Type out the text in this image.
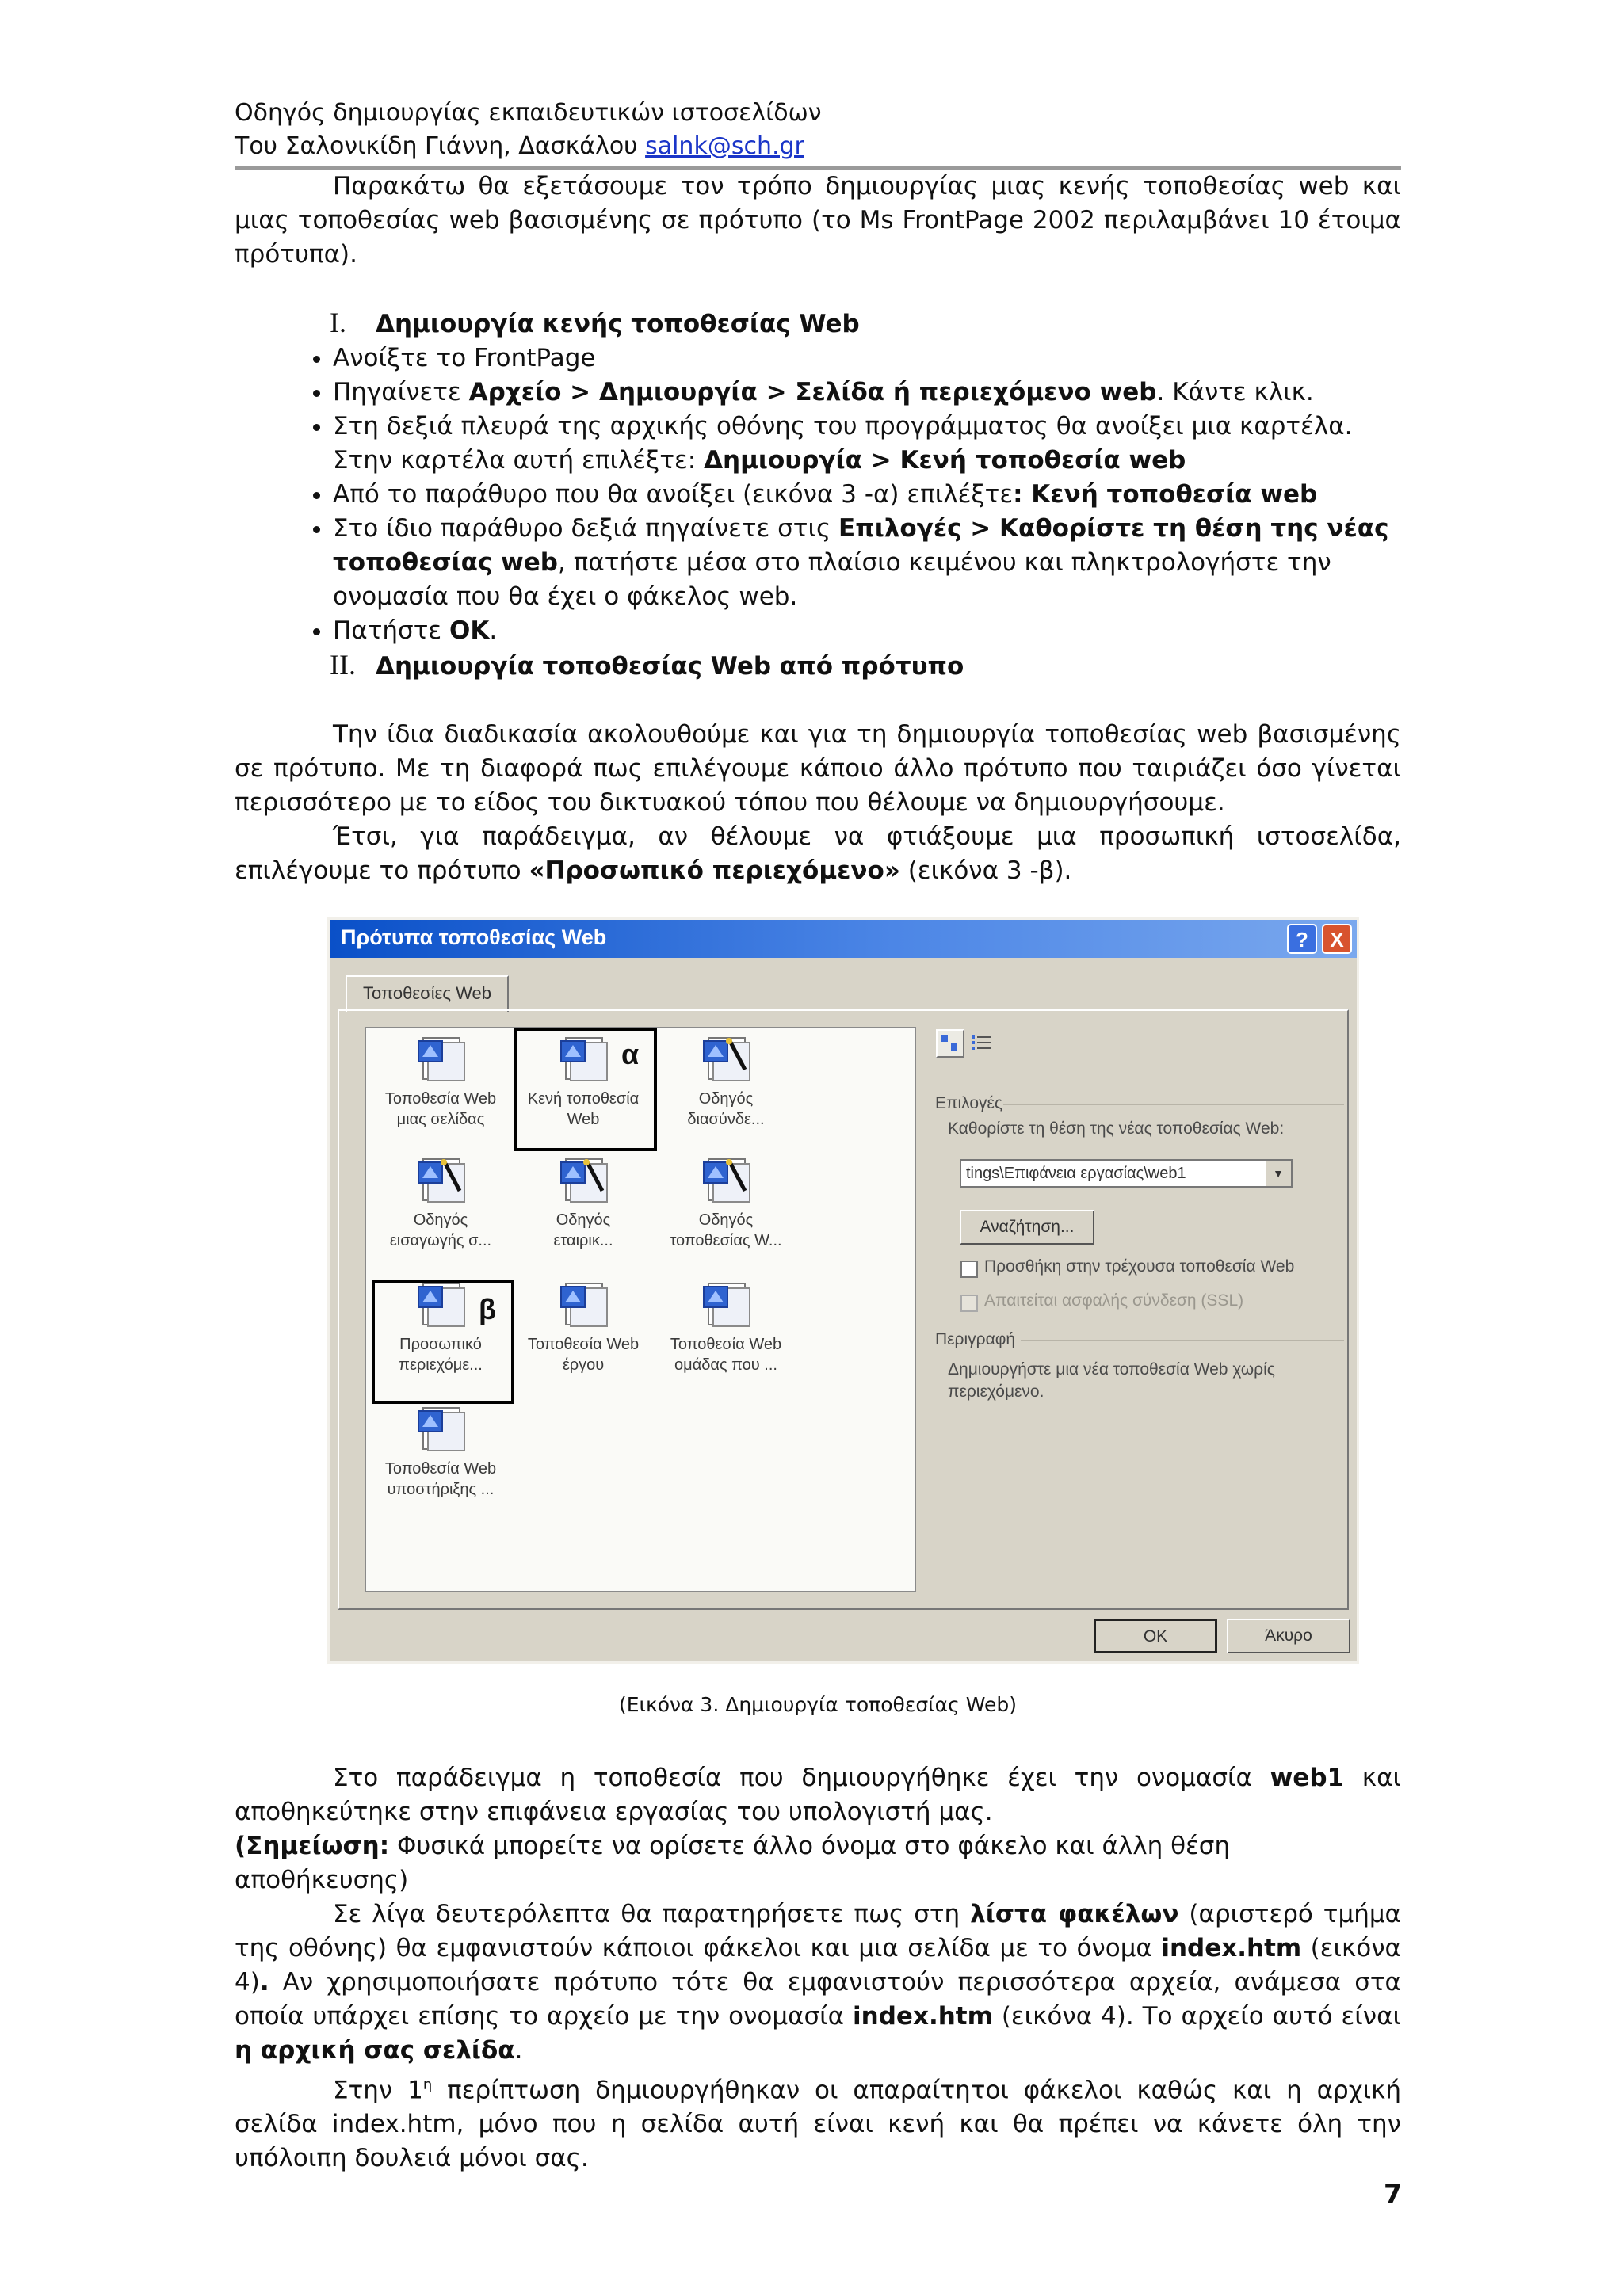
Οδηγός δημιουργίας εκπαιδευτικών ιστοσελίδων
Του Σαλονικίδη Γιάννη, Δασκάλου salnk@sch.gr

Παρακάτω θα εξετάσουμε τον τρόπο δημιουργίας μιας κενής τοποθεσίας web και μιας τοποθεσίας web βασισμένης σε πρότυπο (το Ms FrontPage 2002 περιλαμβάνει 10 έτοιμα πρότυπα).

I.	Δημιουργία κενής τοποθεσίας Web
• Ανοίξτε το FrontPage
• Πηγαίνετε Αρχείο > Δημιουργία > Σελίδα ή περιεχόμενο web. Κάντε κλικ.
• Στη δεξιά πλευρά της αρχικής οθόνης του προγράμματος θα ανοίξει μια καρτέλα. Στην καρτέλα αυτή επιλέξτε: Δημιουργία > Κενή τοποθεσία web
• Από το παράθυρο που θα ανοίξει (εικόνα 3 -α) επιλέξτε: Κενή τοποθεσία web
• Στο ίδιο παράθυρο δεξιά πηγαίνετε στις Επιλογές > Καθορίστε τη θέση της νέας τοποθεσίας web, πατήστε μέσα στο πλαίσιο κειμένου και πληκτρολογήστε την ονομασία που θα έχει ο φάκελος web.
• Πατήστε OK.
II. Δημιουργία τοποθεσίας Web από πρότυπο

Την ίδια διαδικασία ακολουθούμε και για τη δημιουργία τοποθεσίας web βασισμένης σε πρότυπο. Με τη διαφορά πως επιλέγουμε κάποιο άλλο πρότυπο που ταιριάζει όσο γίνεται περισσότερο με το είδος του δικτυακού τόπου που θέλουμε να δημιουργήσουμε.

Έτσι, για παράδειγμα, αν θέλουμε να φτιάξουμε μια προσωπική ιστοσελίδα, επιλέγουμε το πρότυπο «Προσωπικό περιεχόμενο» (εικόνα 3 -β).

Πρότυπα τοποθεσίας Web	?	X
Τοποθεσίες Web
Τοποθεσία Web
μιας σελίδας
Κενή τοποθεσία
Web
Οδηγός
διασύνδε...
Οδηγός
εισαγωγής σ...
Οδηγός
εταιρικ...
Οδηγός
τοποθεσίας W...
Προσωπικό
περιεχόμε...
Τοποθεσία Web
έργου
Τοποθεσία Web
ομάδας που ...
Τοποθεσία Web
υποστήριξης ...
α
β
Επιλογές
Καθορίστε τη θέση της νέας τοποθεσίας Web:
tings\Επιφάνεια εργασίας\web1	▼
Αναζήτηση...
Προσθήκη στην τρέχουσα τοποθεσία Web
Απαιτείται ασφαλής σύνδεση (SSL)
Περιγραφή
Δημιουργήστε μια νέα τοποθεσία Web χωρίς
περιεχόμενο.
OK	Άκυρο
(Εικόνα 3. Δημιουργία τοποθεσίας Web)

Στο παράδειγμα η τοποθεσία που δημιουργήθηκε έχει την ονομασία web1 και αποθηκεύτηκε στην επιφάνεια εργασίας του υπολογιστή μας.

(Σημείωση: Φυσικά μπορείτε να ορίσετε άλλο όνομα στο φάκελο και άλλη θέση αποθήκευσης)

Σε λίγα δευτερόλεπτα θα παρατηρήσετε πως στη λίστα φακέλων (αριστερό τμήμα της οθόνης) θα εμφανιστούν κάποιοι φάκελοι και μια σελίδα με το όνομα index.htm (εικόνα 4). Αν χρησιμοποιήσατε πρότυπο τότε θα εμφανιστούν περισσότερα αρχεία, ανάμεσα στα οποία υπάρχει επίσης το αρχείο με την ονομασία index.htm (εικόνα 4). Το αρχείο αυτό είναι η αρχική σας σελίδα.

Στην $1^\eta$ περίπτωση δημιουργήθηκαν οι απαραίτητοι φάκελοι καθώς και η αρχική σελίδα index.htm, μόνο που η σελίδα αυτή είναι κενή και θα πρέπει να κάνετε όλη την υπόλοιπη δουλειά μόνοι σας.

7
